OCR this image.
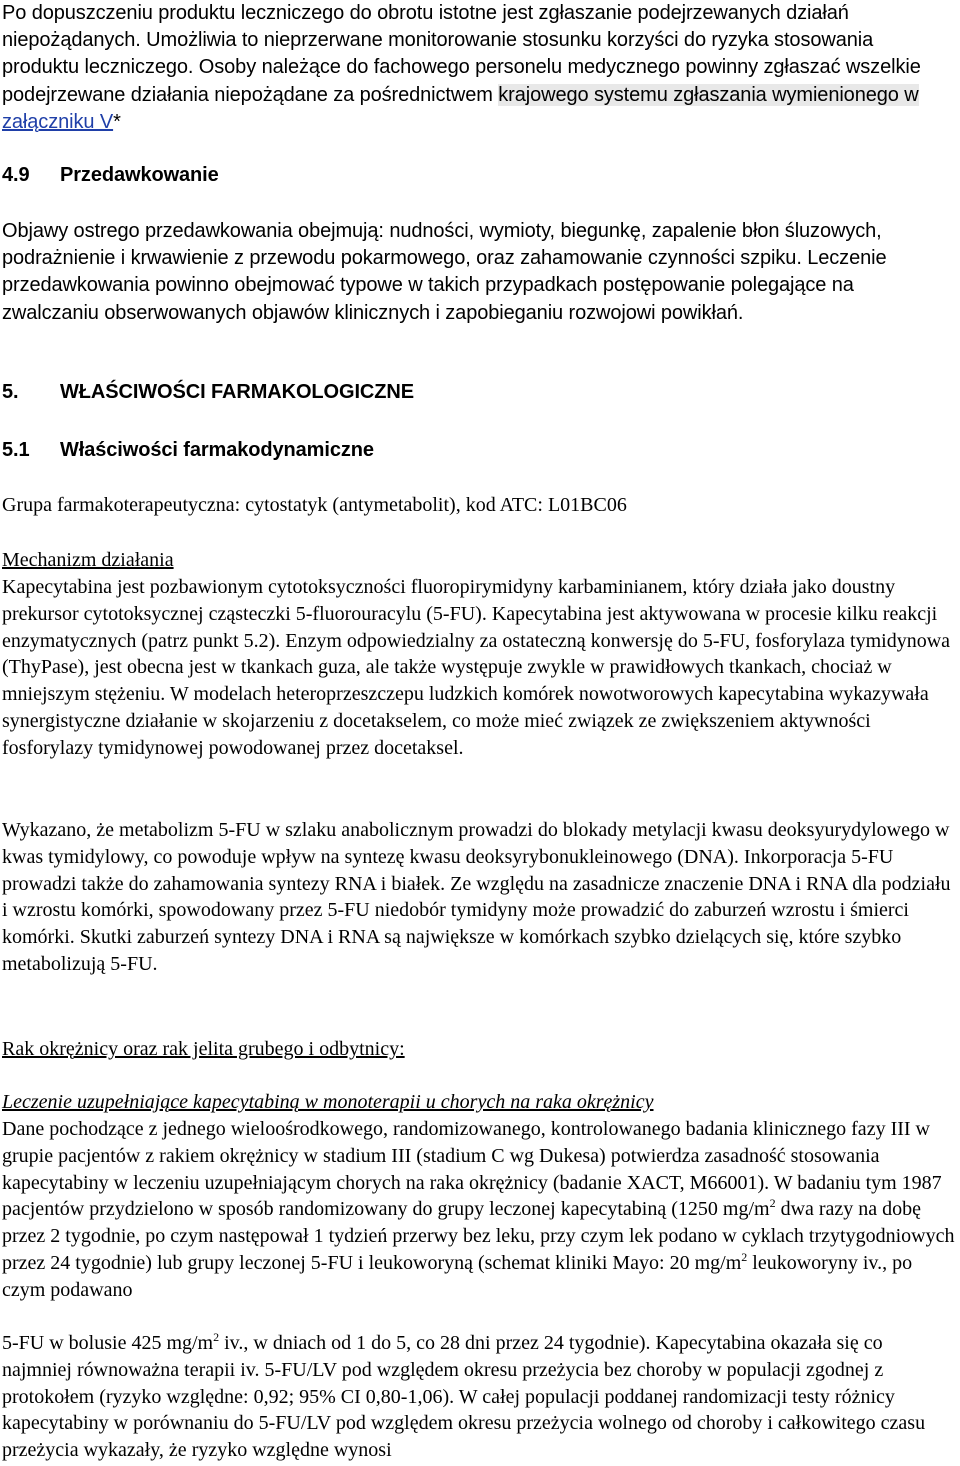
Po dopuszczeniu produktu leczniczego do obrotu istotne jest zgłaszanie podejrzewanych działań niepożądanych. Umożliwia to nieprzerwane monitorowanie stosunku korzyści do ryzyka stosowania produktu leczniczego. Osoby należące do fachowego personelu medycznego powinny zgłaszać wszelkie podejrzewane działania niepożądane za pośrednictwem krajowego systemu zgłaszania wymienionego w załączniku V*

4.9 Przedawkowanie

Objawy ostrego przedawkowania obejmują: nudności, wymioty, biegunkę, zapalenie błon śluzowych, podrażnienie i krwawienie z przewodu pokarmowego, oraz zahamowanie czynności szpiku. Leczenie przedawkowania powinno obejmować typowe w takich przypadkach postępowanie polegające na zwalczaniu obserwowanych objawów klinicznych i zapobieganiu rozwojowi powikłań.

5. WŁAŚCIWOŚCI FARMAKOLOGICZNE
5.1 Właściwości farmakodynamiczne

Grupa farmakoterapeutyczna: cytostatyk (antymetabolit), kod ATC: L01BC06

Mechanizm działania

Kapecytabina jest pozbawionym cytotoksyczności fluoropirymidyny karbaminianem, który działa jako doustny prekursor cytotoksycznej cząsteczki 5-fluorouracylu (5-FU). Kapecytabina jest aktywowana w procesie kilku reakcji enzymatycznych (patrz punkt 5.2). Enzym odpowiedzialny za ostateczną konwersję do 5-FU, fosforylaza tymidynowa (ThyPase), jest obecna jest w tkankach guza, ale także występuje zwykle w prawidłowych tkankach, chociaż w mniejszym stężeniu. W modelach heteroprzeszczepu ludzkich komórek nowotworowych kapecytabina wykazywała synergistyczne działanie w skojarzeniu z docetakselem, co może mieć związek ze zwiększeniem aktywności fosforylazy tymidynowej powodowanej przez docetaksel.

Wykazano, że metabolizm 5-FU w szlaku anabolicznym prowadzi do blokady metylacji kwasu deoksyurydylowego w kwas tymidylowy, co powoduje wpływ na syntezę kwasu deoksyrybonukleinowego (DNA). Inkorporacja 5-FU prowadzi także do zahamowania syntezy RNA i białek. Ze względu na zasadnicze znaczenie DNA i RNA dla podziału i wzrostu komórki, spowodowany przez 5-FU niedobór tymidyny może prowadzić do zaburzeń wzrostu i śmierci komórki. Skutki zaburzeń syntezy DNA i RNA są największe w komórkach szybko dzielących się, które szybko metabolizują 5-FU.

Rak okrężnicy oraz rak jelita grubego i odbytnicy:

Leczenie uzupełniające kapecytabiną w monoterapii u chorych na raka okrężnicy

Dane pochodzące z jednego wieloośrodkowego, randomizowanego, kontrolowanego badania klinicznego fazy III w grupie pacjentów z rakiem okrężnicy w stadium III (stadium C wg Dukesa) potwierdza zasadność stosowania kapecytabiny w leczeniu uzupełniającym chorych na raka okrężnicy (badanie XACT, M66001). W badaniu tym 1987 pacjentów przydzielono w sposób randomizowany do grupy leczonej kapecytabiną (1250 $mg/m^2$ dwa razy na dobę przez 2 tygodnie, po czym następował 1 tydzień przerwy bez leku, przy czym lek podano w cyklach trzytygodniowych przez 24 tygodnie) lub grupy leczonej 5-FU i leukoworyną (schemat kliniki Mayo: 20 $mg/m^2$ leukoworyny iv., po czym podawano

5-FU w bolusie 425 $mg/m^2$ iv., w dniach od 1 do 5, co 28 dni przez 24 tygodnie). Kapecytabina okazała się co najmniej równoważna terapii iv. 5-FU/LV pod względem okresu przeżycia bez choroby w populacji zgodnej z protokołem (ryzyko względne: 0,92; 95% CI 0,80-1,06). W całej populacji poddanej randomizacji testy różnicy kapecytabiny w porównaniu do 5-FU/LV pod względem okresu przeżycia wolnego od choroby i całkowitego czasu przeżycia wykazały, że ryzyko względne wynosi
